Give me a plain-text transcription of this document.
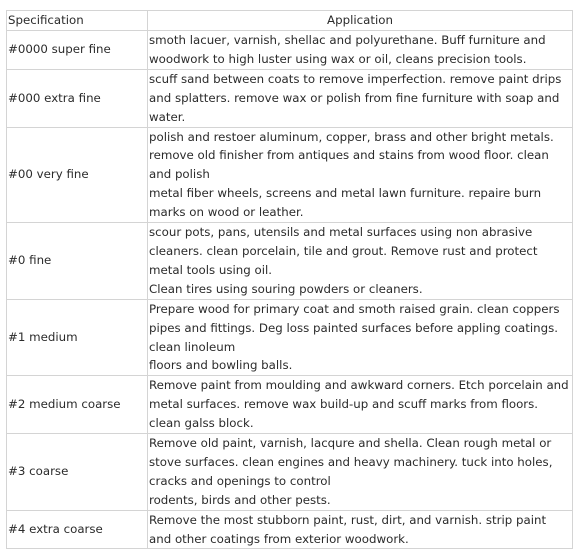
Specification	Application
#0000 super fine	smoth lacuer, varnish, shellac and polyurethane. Buff furniture and woodwork to high luster using wax or oil, cleans precision tools.

#000 extra fine	scuff sand between coats to remove imperfection. remove paint drips and splatters. remove wax or polish from fine furniture with soap and water.

#00 very fine	polish and restoer aluminum, copper, brass and other bright metals. remove old finisher from antiques and stains from wood floor. clean and polish
metal fiber wheels, screens and metal lawn furniture. repaire burn marks on wood or leather.

#0 fine	scour pots, pans, utensils and metal surfaces using non abrasive cleaners. clean porcelain, tile and grout. Remove rust and protect metal tools using oil.
Clean tires using souring powders or cleaners.

#1 medium	Prepare wood for primary coat and smoth raised grain. clean coppers pipes and fittings. Deg loss painted surfaces before appling coatings. clean linoleum
floors and bowling balls.

#2 medium coarse	Remove paint from moulding and awkward corners. Etch porcelain and metal surfaces. remove wax build-up and scuff marks from floors. clean galss block.

#3 coarse	Remove old paint, varnish, lacqure and shella. Clean rough metal or stove surfaces. clean engines and heavy machinery. tuck into holes, cracks and openings to control
rodents, birds and other pests.

#4 extra coarse	Remove the most stubborn paint, rust, dirt, and varnish. strip paint and other coatings from exterior woodwork.
